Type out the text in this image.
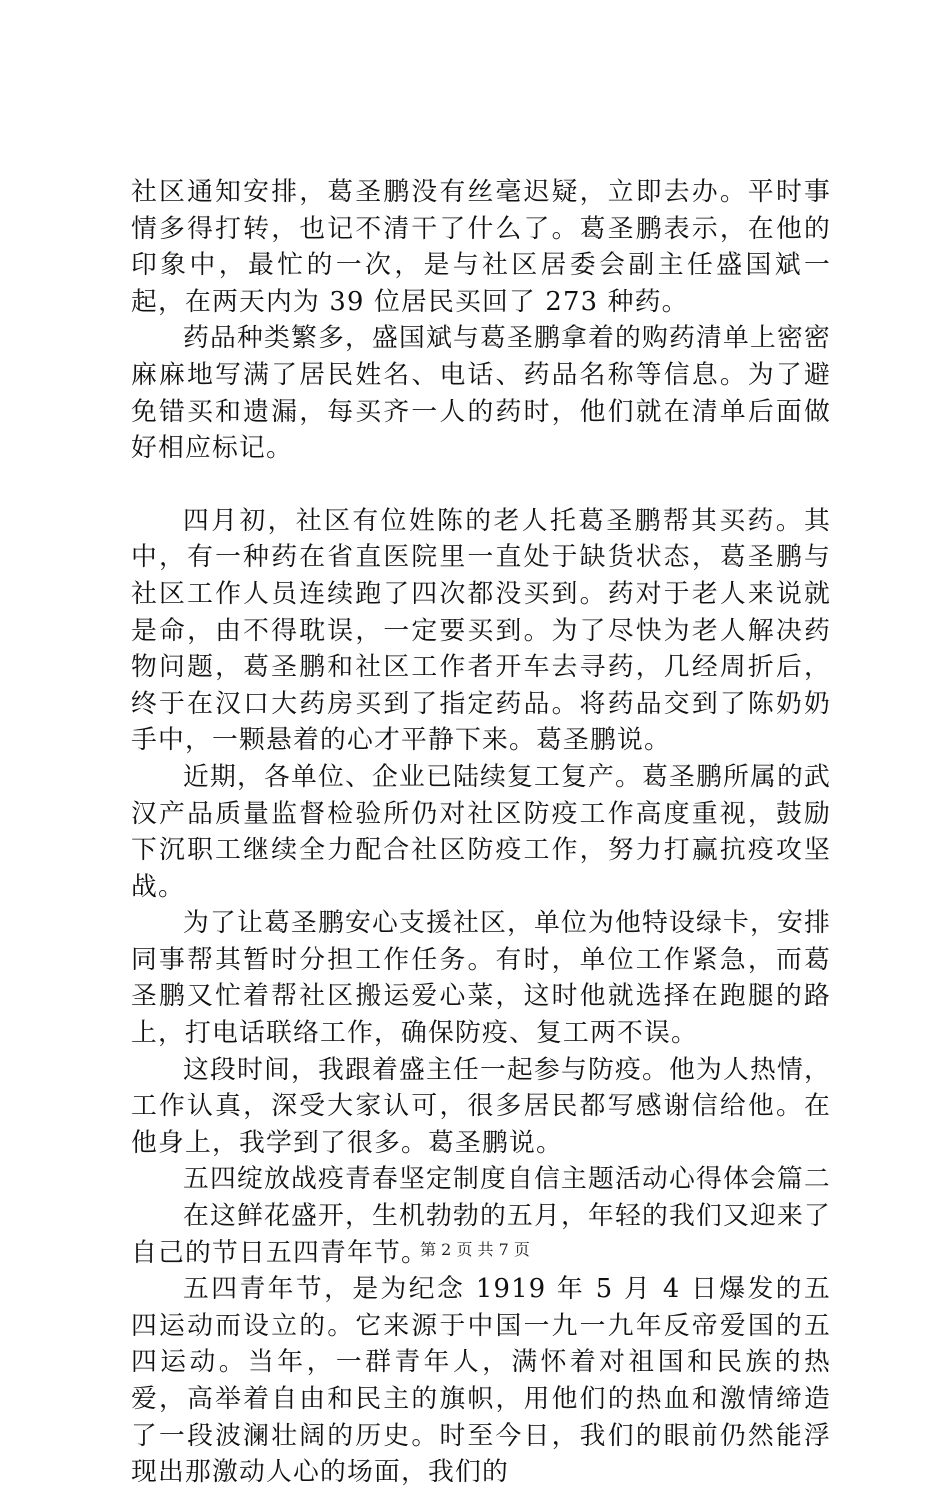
社区通知安排，葛圣鹏没有丝毫迟疑，立即去办。平时事情多得打转，也记不清干了什么了。葛圣鹏表示，在他的印象中，最忙的一次，是与社区居委会副主任盛国斌一起，在两天内为 39 位居民买回了 273 种药。

药品种类繁多，盛国斌与葛圣鹏拿着的购药清单上密密麻麻地写满了居民姓名、电话、药品名称等信息。为了避免错买和遗漏，每买齐一人的药时，他们就在清单后面做好相应标记。

四月初，社区有位姓陈的老人托葛圣鹏帮其买药。其中，有一种药在省直医院里一直处于缺货状态，葛圣鹏与社区工作人员连续跑了四次都没买到。药对于老人来说就是命，由不得耽误，一定要买到。为了尽快为老人解决药物问题，葛圣鹏和社区工作者开车去寻药，几经周折后，终于在汉口大药房买到了指定药品。将药品交到了陈奶奶手中，一颗悬着的心才平静下来。葛圣鹏说。

近期，各单位、企业已陆续复工复产。葛圣鹏所属的武汉产品质量监督检验所仍对社区防疫工作高度重视，鼓励下沉职工继续全力配合社区防疫工作，努力打赢抗疫攻坚战。

为了让葛圣鹏安心支援社区，单位为他特设绿卡，安排同事帮其暂时分担工作任务。有时，单位工作紧急，而葛圣鹏又忙着帮社区搬运爱心菜，这时他就选择在跑腿的路上，打电话联络工作，确保防疫、复工两不误。

这段时间，我跟着盛主任一起参与防疫。他为人热情，工作认真，深受大家认可，很多居民都写感谢信给他。在他身上，我学到了很多。葛圣鹏说。

五四绽放战疫青春坚定制度自信主题活动心得体会篇二

在这鲜花盛开，生机勃勃的五月，年轻的我们又迎来了自己的节日五四青年节。

五四青年节，是为纪念 1919 年 5 月 4 日爆发的五四运动而设立的。它来源于中国一九一九年反帝爱国的五四运动。当年，一群青年人，满怀着对祖国和民族的热爱，高举着自由和民主的旗帜，用他们的热血和激情缔造了一段波澜壮阔的历史。时至今日，我们的眼前仍然能浮现出那激动人心的场面，我们的

第 2 页 共 7 页
